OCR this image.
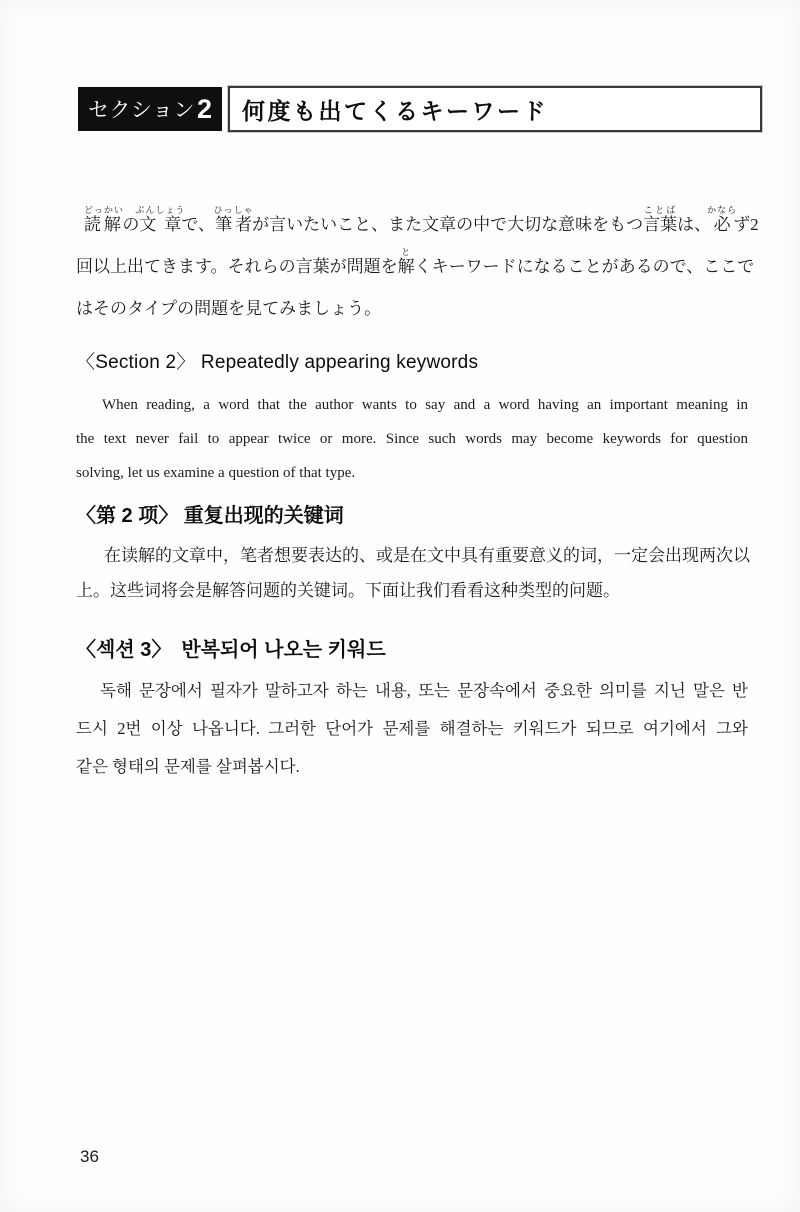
セクション 2 何度も出てくるキーワード
読解どっかいの文章ぶんしょうで、筆者ひっしゃが言いたいこと、また文章の中で大切な意味をもつ言葉ことばは、必かならず2
回以上出てきます。それらの言葉が問題を解とくキーワードになることがあるので、ここで
はそのタイプの問題を見てみましょう。
〈Section 2〉 Repeatedly appearing keywords
When reading, a word that the author wants to say and a word having an important meaning in
the text never fail to appear twice or more. Since such words may become keywords for question
solving, let us examine a question of that type.
〈第 2 项〉 重复出现的关键词
在读解的文章中，笔者想要表达的、或是在文中具有重要意义的词，一定会出现两次以
上。这些词将会是解答问题的关键词。下面让我们看看这种类型的问题。
〈섹션 3〉　반복되어 나오는 키워드
독해 문장에서 필자가 말하고자 하는 내용, 또는 문장속에서 중요한 의미를 지닌 말은 반
드시 2번 이상 나옵니다. 그러한 단어가 문제를 해결하는 키워드가 되므로 여기에서 그와
같은 형태의 문제를 살펴봅시다.
36
